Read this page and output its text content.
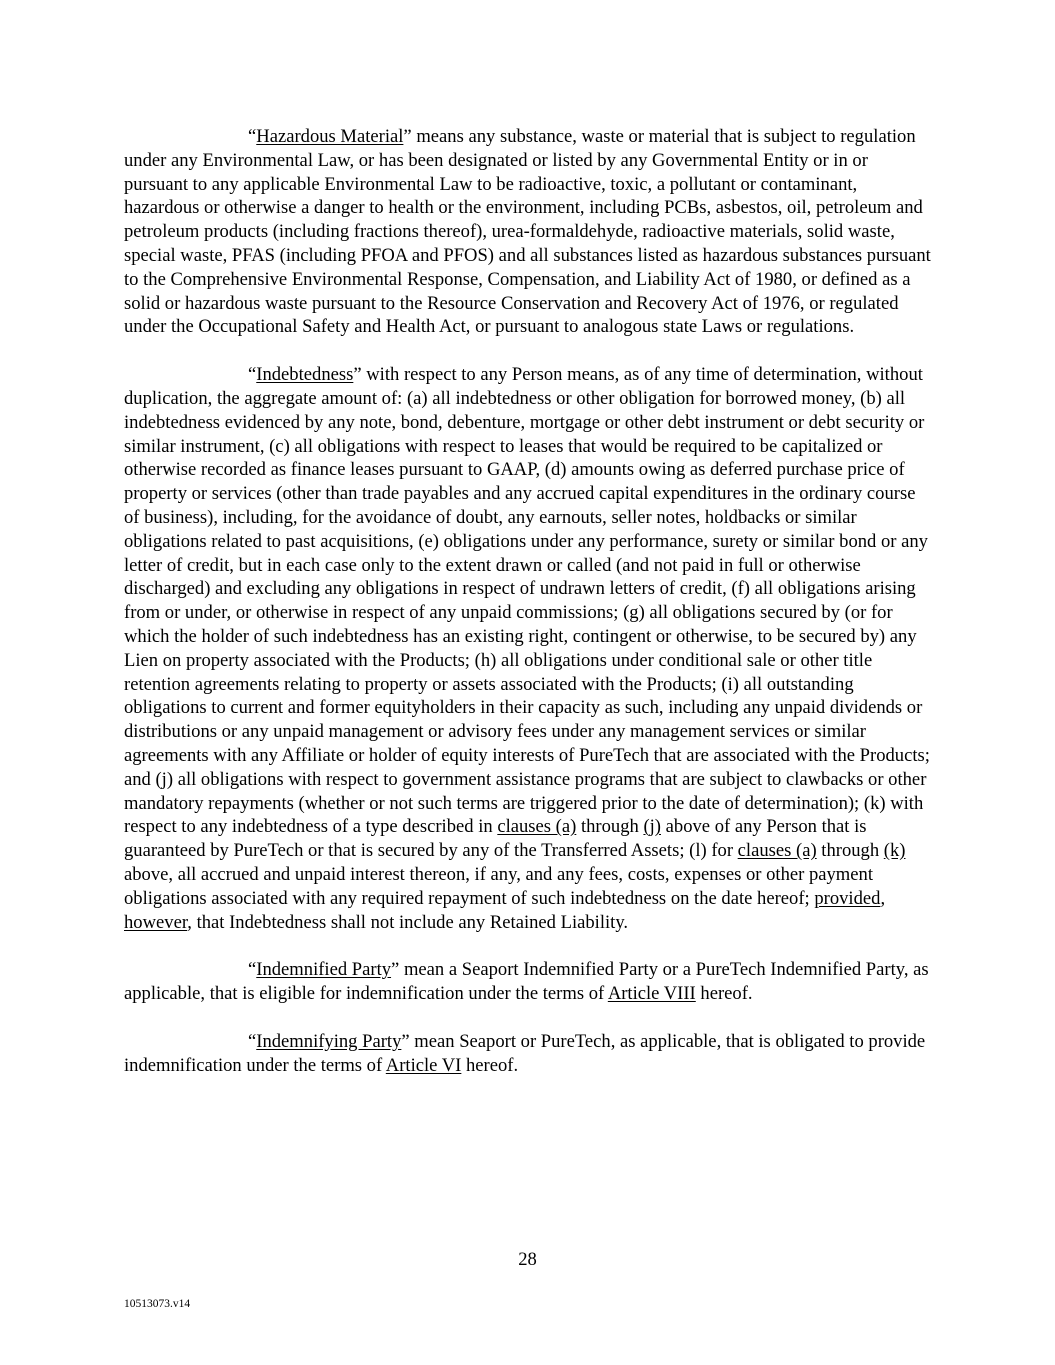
“Hazardous Material” means any substance, waste or material that is subject to regulation under any Environmental Law, or has been designated or listed by any Governmental Entity or in or pursuant to any applicable Environmental Law to be radioactive, toxic, a pollutant or contaminant, hazardous or otherwise a danger to health or the environment, including PCBs, asbestos, oil, petroleum and petroleum products (including fractions thereof), urea-formaldehyde, radioactive materials, solid waste, special waste, PFAS (including PFOA and PFOS) and all substances listed as hazardous substances pursuant to the Comprehensive Environmental Response, Compensation, and Liability Act of 1980, or defined as a solid or hazardous waste pursuant to the Resource Conservation and Recovery Act of 1976, or regulated under the Occupational Safety and Health Act, or pursuant to analogous state Laws or regulations.

“Indebtedness” with respect to any Person means, as of any time of determination, without duplication, the aggregate amount of: (a) all indebtedness or other obligation for borrowed money, (b) all indebtedness evidenced by any note, bond, debenture, mortgage or other debt instrument or debt security or similar instrument, (c) all obligations with respect to leases that would be required to be capitalized or otherwise recorded as finance leases pursuant to GAAP, (d) amounts owing as deferred purchase price of property or services (other than trade payables and any accrued capital expenditures in the ordinary course of business), including, for the avoidance of doubt, any earnouts, seller notes, holdbacks or similar obligations related to past acquisitions, (e) obligations under any performance, surety or similar bond or any letter of credit, but in each case only to the extent drawn or called (and not paid in full or otherwise discharged) and excluding any obligations in respect of undrawn letters of credit, (f) all obligations arising from or under, or otherwise in respect of any unpaid commissions; (g) all obligations secured by (or for which the holder of such indebtedness has an existing right, contingent or otherwise, to be secured by) any Lien on property associated with the Products; (h) all obligations under conditional sale or other title retention agreements relating to property or assets associated with the Products; (i) all outstanding obligations to current and former equityholders in their capacity as such, including any unpaid dividends or distributions or any unpaid management or advisory fees under any management services or similar agreements with any Affiliate or holder of equity interests of PureTech that are associated with the Products; and (j) all obligations with respect to government assistance programs that are subject to clawbacks or other mandatory repayments (whether or not such terms are triggered prior to the date of determination); (k) with respect to any indebtedness of a type described in clauses (a) through (j) above of any Person that is guaranteed by PureTech or that is secured by any of the Transferred Assets; (l) for clauses (a) through (k) above, all accrued and unpaid interest thereon, if any, and any fees, costs, expenses or other payment obligations associated with any required repayment of such indebtedness on the date hereof; provided, however, that Indebtedness shall not include any Retained Liability.

“Indemnified Party” mean a Seaport Indemnified Party or a PureTech Indemnified Party, as applicable, that is eligible for indemnification under the terms of Article VIII hereof.

“Indemnifying Party” mean Seaport or PureTech, as applicable, that is obligated to provide indemnification under the terms of Article VI hereof.

28
10513073.v14
